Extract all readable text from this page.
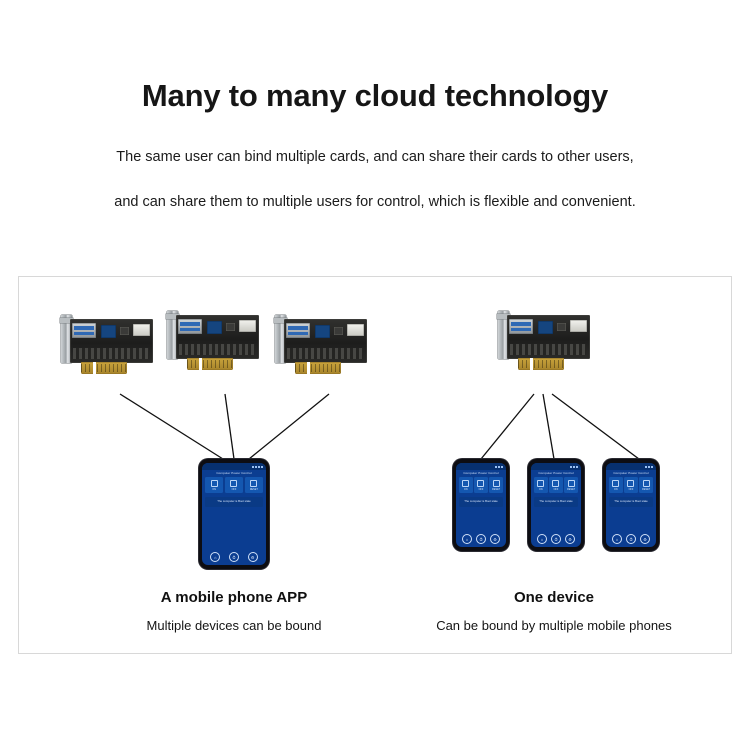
Many to many cloud technology
The same user can bind multiple cards, and can share their cards to other users,
and can share them to multiple users for control, which is flexible and convenient.
Computer Power Control
ON	OFF	RESET
The computer is Boot state
⌂	⏱	⚙
Computer Power Control
ON	OFF	RESET
The computer is Boot state
⌂	⏱	⚙
Computer Power Control
ON	OFF	RESET
The computer is Boot state
⌂	⏱	⚙
Computer Power Control
ON	OFF	RESET
The computer is Boot state
⌂	⏱	⚙
A mobile phone APP
Multiple devices can be bound
One device
Can be bound by multiple mobile phones
